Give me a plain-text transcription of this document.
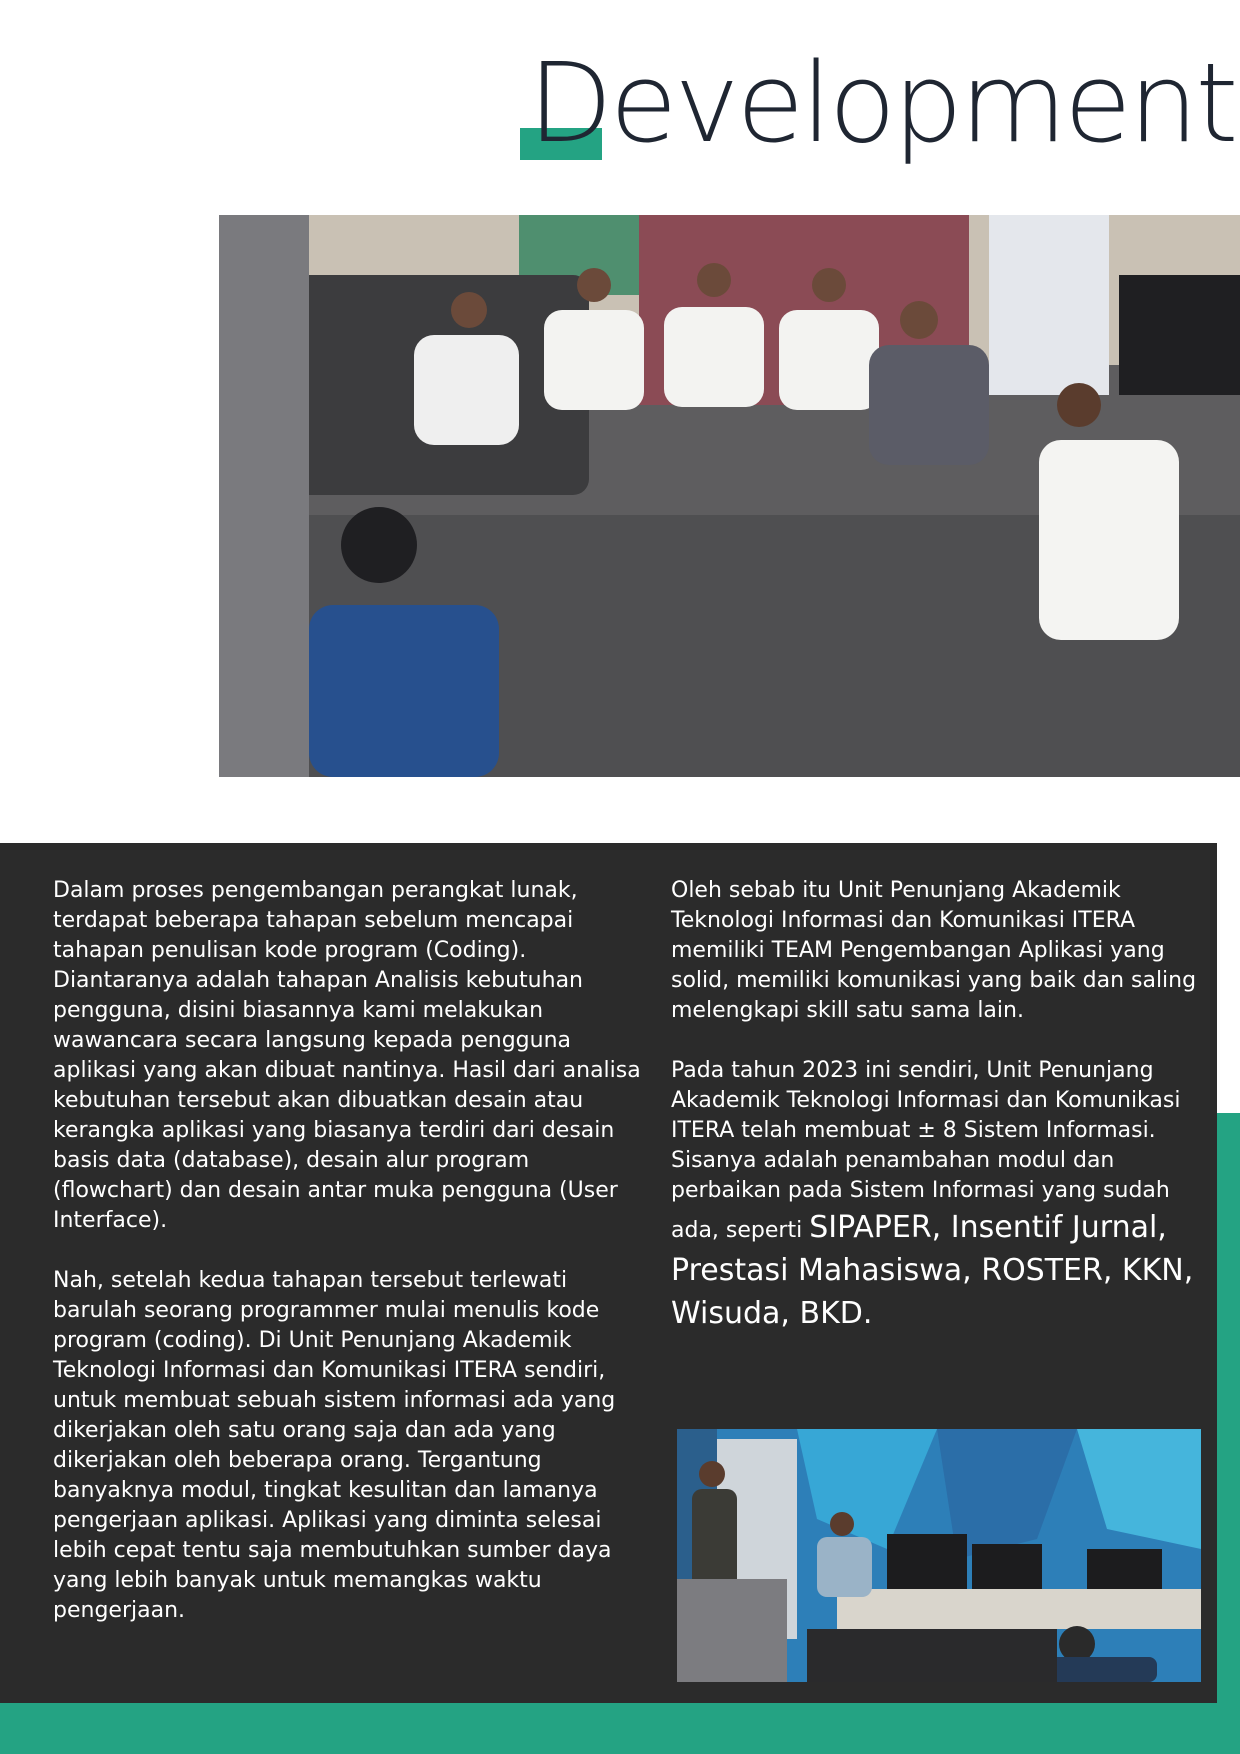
Development

Dalam proses pengembangan perangkat lunak, terdapat beberapa tahapan sebelum mencapai tahapan penulisan kode program (Coding). Diantaranya adalah tahapan Analisis kebutuhan pengguna, disini biasannya kami melakukan wawancara secara langsung kepada pengguna aplikasi yang akan dibuat nantinya. Hasil dari analisa kebutuhan tersebut akan dibuatkan desain atau kerangka aplikasi yang biasanya terdiri dari desain basis data (database), desain alur program (flowchart) dan desain antar muka pengguna (User Interface).

Nah, setelah kedua tahapan tersebut terlewati barulah seorang programmer mulai menulis kode program (coding). Di Unit Penunjang Akademik Teknologi Informasi dan Komunikasi ITERA sendiri, untuk membuat sebuah sistem informasi ada yang dikerjakan oleh satu orang saja dan ada yang dikerjakan oleh beberapa orang. Tergantung banyaknya modul, tingkat kesulitan dan lamanya pengerjaan aplikasi. Aplikasi yang diminta selesai lebih cepat tentu saja membutuhkan sumber daya yang lebih banyak untuk memangkas waktu pengerjaan.

Oleh sebab itu Unit Penunjang Akademik Teknologi Informasi dan Komunikasi ITERA memiliki TEAM Pengembangan Aplikasi yang solid, memiliki komunikasi yang baik dan saling melengkapi skill satu sama lain.

Pada tahun 2023 ini sendiri, Unit Penunjang Akademik Teknologi Informasi dan Komunikasi ITERA telah membuat ± 8 Sistem Informasi. Sisanya adalah penambahan modul dan perbaikan pada Sistem Informasi yang sudah ada, seperti SIPAPER, Insentif Jurnal, Prestasi Mahasiswa, ROSTER, KKN, Wisuda, BKD.
